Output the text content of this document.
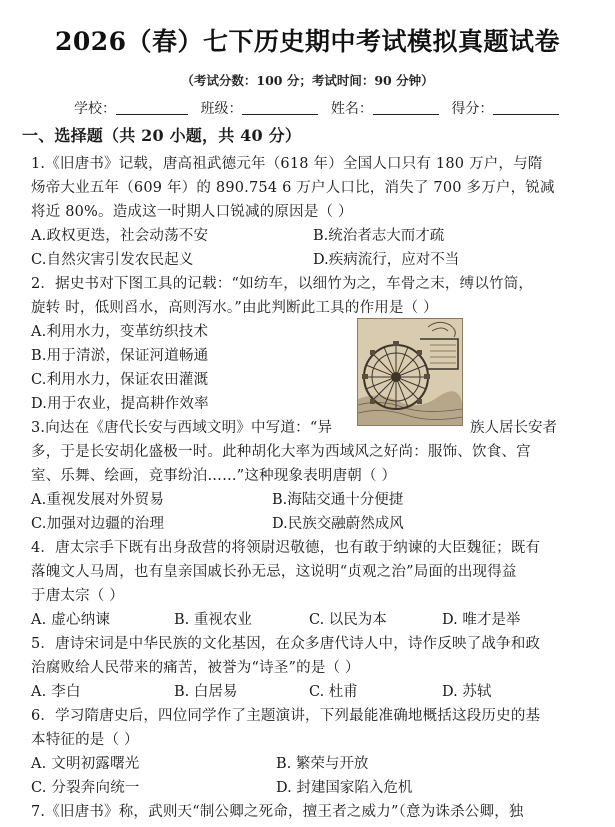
2026（春）七下历史期中考试模拟真题试卷
（考试分数：100 分；考试时间：90 分钟）
学校：	班级：	姓名：	得分：
一、选择题（共 20 小题，共 40 分）
1.《旧唐书》记载，唐高祖武德元年（618 年）全国人口只有 180 万户，与隋
炀帝大业五年（609 年）的 890.754 6 万户人口比，消失了 700 多万户，锐减
将近 80%。造成这一时期人口锐减的原因是（ ）
A.政权更迭，社会动荡不安	B.统治者志大而才疏
C.自然灾害引发农民起义	D.疾病流行，应对不当
2．据史书对下图工具的记载：“如纺车，以细竹为之，车骨之末，缚以竹筒，
旋转 时，低则舀水，高则泻水。”由此判断此工具的作用是（ ）
A.利用水力，变革纺织技术
B.用于清淤，保证河道畅通
C.利用水力，保证农田灌溉
D.用于农业，提高耕作效率
3.向达在《唐代长安与西域文明》中写道：“异	族人居长安者
多，于是长安胡化盛极一时。此种胡化大率为西域风之好尚：服饰、饮食、宫
室、乐舞、绘画，竞事纷泊……”这种现象表明唐朝（ ）
A.重视发展对外贸易	B.海陆交通十分便捷
C.加强对边疆的治理	D.民族交融蔚然成风
4．唐太宗手下既有出身敌营的将领尉迟敬德，也有敢于纳谏的大臣魏征；既有
落魄文人马周，也有皇亲国戚长孙无忌，这说明“贞观之治”局面的出现得益
于唐太宗（ ）
A. 虚心纳谏	B. 重视农业	C. 以民为本	D. 唯才是举
5．唐诗宋词是中华民族的文化基因，在众多唐代诗人中，诗作反映了战争和政
治腐败给人民带来的痛苦，被誉为“诗圣”的是（ ）
A. 李白	B. 白居易	C. 杜甫	D. 苏轼
6．学习隋唐史后，四位同学作了主题演讲，下列最能准确地概括这段历史的基
本特征的是（ ）
A. 文明初露曙光	B. 繁荣与开放
C. 分裂奔向统一	D. 封建国家陷入危机
7.《旧唐书》称，武则天“制公卿之死命，擅王者之威力”（意为诛杀公卿，独
